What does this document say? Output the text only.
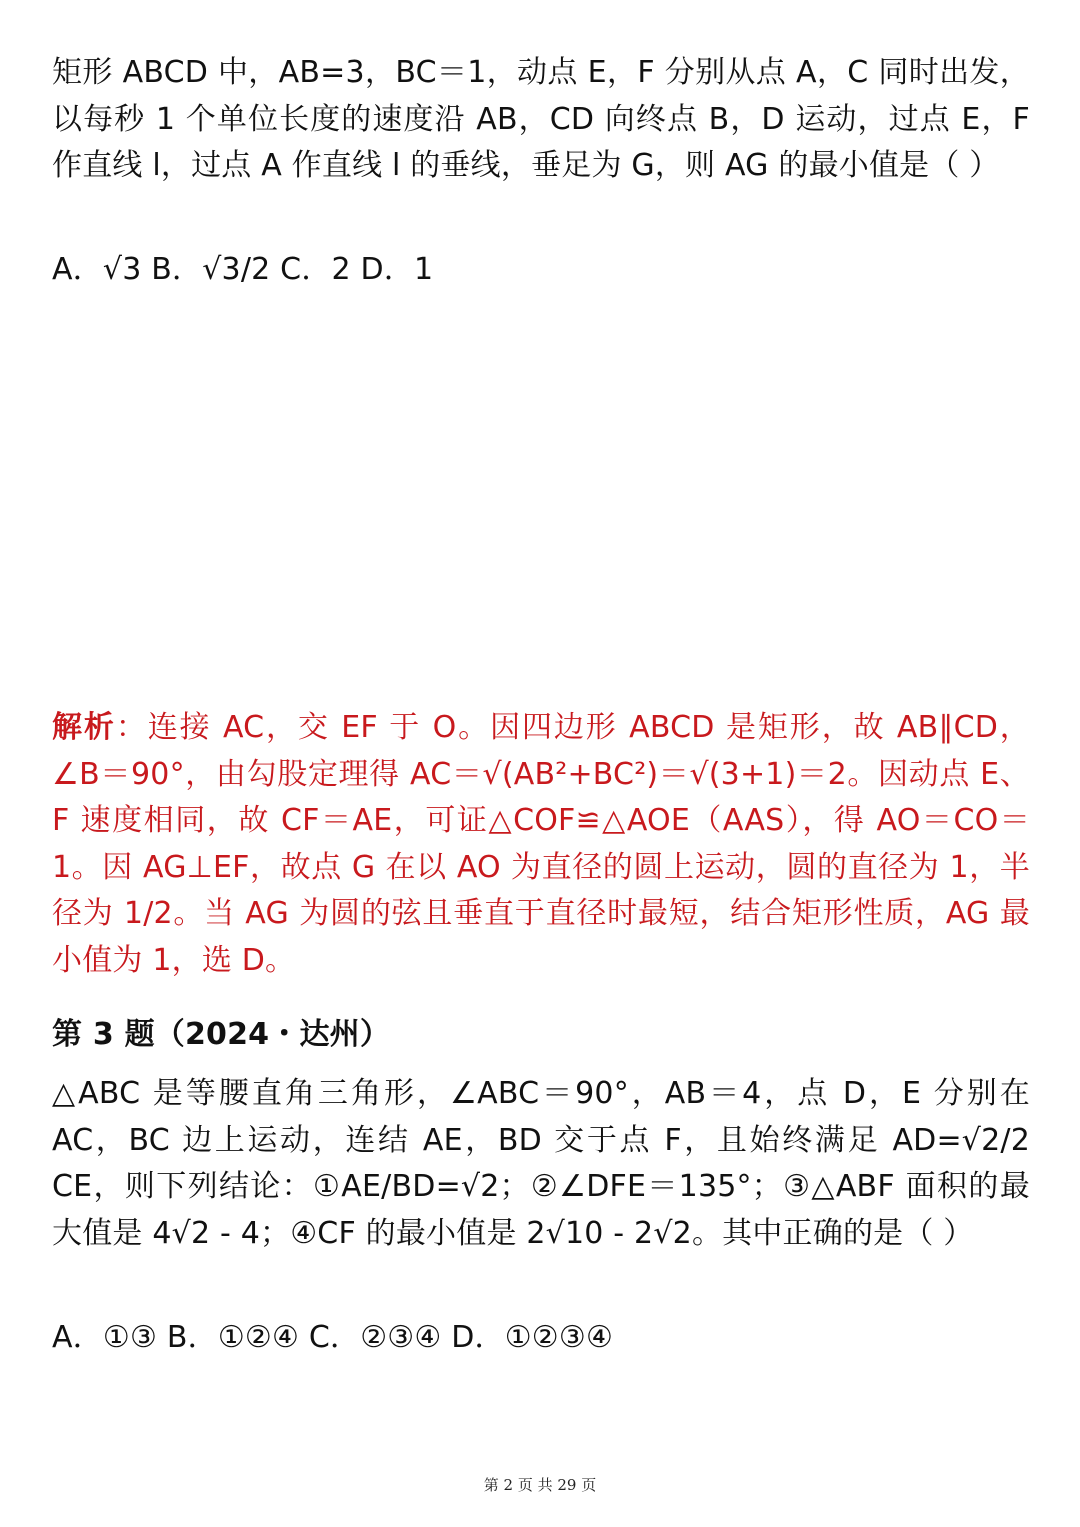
矩形 ABCD 中，AB=3，BC＝1，动点 E，F 分别从点 A，C 同时出发，以每秒 1 个单位长度的速度沿 AB，CD 向终点 B，D 运动，过点 E，F 作直线 l，过点 A 作直线 l 的垂线，垂足为 G，则 AG 的最小值是（ ）
A．√3 B．√3/2 C．2 D．1
解析：连接 AC，交 EF 于 O。因四边形 ABCD 是矩形，故 AB∥CD，∠B＝90°，由勾股定理得 AC＝√(AB²+BC²)＝√(3+1)＝2。因动点 E、F 速度相同，故 CF＝AE，可证△COF≌△AOE（AAS），得 AO＝CO＝1。因 AG⊥EF，故点 G 在以 AO 为直径的圆上运动，圆的直径为 1，半径为 1/2。当 AG 为圆的弦且垂直于直径时最短，结合矩形性质，AG 最小值为 1，选 D。
第 3 题（2024・达州）
△ABC 是等腰直角三角形，∠ABC＝90°，AB＝4，点 D，E 分别在 AC，BC 边上运动，连结 AE，BD 交于点 F，且始终满足 AD=√2/2 CE，则下列结论：①AE/BD=√2；②∠DFE＝135°；③△ABF 面积的最大值是 4√2 - 4；④CF 的最小值是 2√10 - 2√2。其中正确的是（ ）
A．①③ B．①②④ C．②③④ D．①②③④
第 2 页 共 29 页
